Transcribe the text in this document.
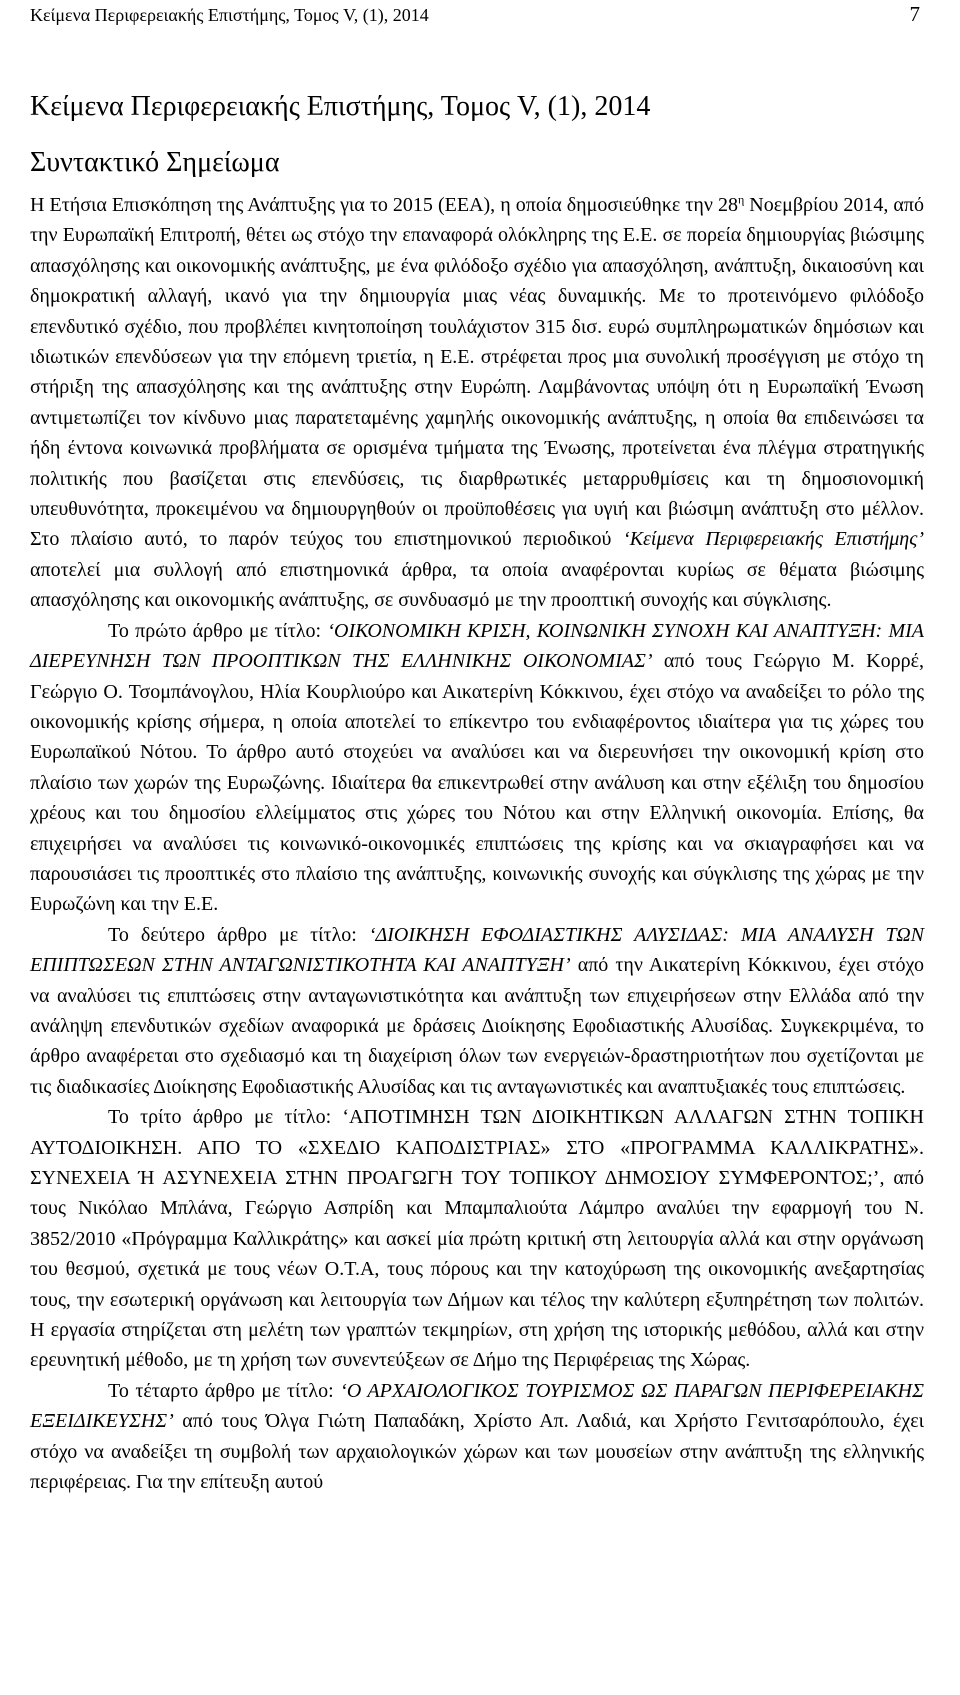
Κείμενα Περιφερειακής Επιστήμης, Τομος V, (1), 2014	7
Κείμενα Περιφερειακής Επιστήμης, Τομος V, (1), 2014
Συντακτικό Σημείωμα

Η Ετήσια Επισκόπηση της Ανάπτυξης για το 2015 (ΕΕΑ), η οποία δημοσιεύθηκε την $28^\eta$ Νοεμβρίου 2014, από την Ευρωπαϊκή Επιτροπή, θέτει ως στόχο την επαναφορά ολόκληρης της Ε.Ε. σε πορεία δημιουργίας βιώσιμης απασχόλησης και οικονομικής ανάπτυξης, με ένα φιλόδοξο σχέδιο για απασχόληση, ανάπτυξη, δικαιοσύνη και δημοκρατική αλλαγή, ικανό για την δημιουργία μιας νέας δυναμικής. Με το προτεινόμενο φιλόδοξο επενδυτικό σχέδιο, που προβλέπει κινητοποίηση τουλάχιστον 315 δισ. ευρώ συμπληρωματικών δημόσιων και ιδιωτικών επενδύσεων για την επόμενη τριετία, η Ε.Ε. στρέφεται προς μια συνολική προσέγγιση με στόχο τη στήριξη της απασχόλησης και της ανάπτυξης στην Ευρώπη. Λαμβάνοντας υπόψη ότι η Ευρωπαϊκή Ένωση αντιμετωπίζει τον κίνδυνο μιας παρατεταμένης χαμηλής οικονομικής ανάπτυξης, η οποία θα επιδεινώσει τα ήδη έντονα κοινωνικά προβλήματα σε ορισμένα τμήματα της Ένωσης, προτείνεται ένα πλέγμα στρατηγικής πολιτικής που βασίζεται στις επενδύσεις, τις διαρθρωτικές μεταρρυθμίσεις και τη δημοσιονομική υπευθυνότητα, προκειμένου να δημιουργηθούν οι προϋποθέσεις για υγιή και βιώσιμη ανάπτυξη στο μέλλον. Στο πλαίσιο αυτό, το παρόν τεύχος του επιστημονικού περιοδικού ‘Κείμενα Περιφερειακής Επιστήμης’ αποτελεί μια συλλογή από επιστημονικά άρθρα, τα οποία αναφέρονται κυρίως σε θέματα βιώσιμης απασχόλησης και οικονομικής ανάπτυξης, σε συνδυασμό με την προοπτική συνοχής και σύγκλισης.

Το πρώτο άρθρο με τίτλο: ‘ΟΙΚΟΝΟΜΙΚΗ ΚΡΙΣΗ, ΚΟΙΝΩΝΙΚΗ ΣΥΝΟΧΗ ΚΑΙ ΑΝΑΠΤΥΞΗ: ΜΙΑ ΔΙΕΡΕΥΝΗΣΗ ΤΩΝ ΠΡΟΟΠΤΙΚΩΝ ΤΗΣ ΕΛΛΗΝΙΚΗΣ ΟΙΚΟΝΟΜΙΑΣ’ από τους Γεώργιο Μ. Κορρέ, Γεώργιο Ο. Τσομπάνογλου, Ηλία Κουρλιούρο και Αικατερίνη Κόκκινου, έχει στόχο να αναδείξει το ρόλο της οικονομικής κρίσης σήμερα, η οποία αποτελεί το επίκεντρο του ενδιαφέροντος ιδιαίτερα για τις χώρες του Ευρωπαϊκού Νότου. Το άρθρο αυτό στοχεύει να αναλύσει και να διερευνήσει την οικονομική κρίση στο πλαίσιο των χωρών της Ευρωζώνης. Ιδιαίτερα θα επικεντρωθεί στην ανάλυση και στην εξέλιξη του δημοσίου χρέους και του δημοσίου ελλείμματος στις χώρες του Νότου και στην Ελληνική οικονομία. Επίσης, θα επιχειρήσει να αναλύσει τις κοινωνικό-οικονομικές επιπτώσεις της κρίσης και να σκιαγραφήσει και να παρουσιάσει τις προοπτικές στο πλαίσιο της ανάπτυξης, κοινωνικής συνοχής και σύγκλισης της χώρας με την Ευρωζώνη και την Ε.Ε.

Το δεύτερο άρθρο με τίτλο: ‘ΔΙΟΙΚΗΣΗ ΕΦΟΔΙΑΣΤΙΚΗΣ ΑΛΥΣΙΔΑΣ: ΜΙΑ ΑΝΑΛΥΣΗ ΤΩΝ ΕΠΙΠΤΩΣΕΩΝ ΣΤΗΝ ΑΝΤΑΓΩΝΙΣΤΙΚΟΤΗΤΑ ΚΑΙ ΑΝΑΠΤΥΞΗ’ από την Αικατερίνη Κόκκινου, έχει στόχο να αναλύσει τις επιπτώσεις στην ανταγωνιστικότητα και ανάπτυξη των επιχειρήσεων στην Ελλάδα από την ανάληψη επενδυτικών σχεδίων αναφορικά με δράσεις Διοίκησης Εφοδιαστικής Αλυσίδας. Συγκεκριμένα, το άρθρο αναφέρεται στο σχεδιασμό και τη διαχείριση όλων των ενεργειών-δραστηριοτήτων που σχετίζονται με τις διαδικασίες Διοίκησης Εφοδιαστικής Αλυσίδας και τις ανταγωνιστικές και αναπτυξιακές τους επιπτώσεις.

Το τρίτο άρθρο με τίτλο: ‘ΑΠΟΤΙΜΗΣΗ ΤΩΝ ΔΙΟΙΚΗΤΙΚΩΝ ΑΛΛΑΓΩΝ ΣΤΗΝ ΤΟΠΙΚΗ ΑΥΤΟΔΙΟΙΚΗΣΗ. ΑΠΟ ΤΟ «ΣΧΕΔΙΟ ΚΑΠΟΔΙΣΤΡΙΑΣ» ΣΤΟ «ΠΡΟΓΡΑΜΜΑ ΚΑΛΛΙΚΡΑΤΗΣ». ΣΥΝΕΧΕΙΑ Ή ΑΣΥΝΕΧΕΙΑ ΣΤΗΝ ΠΡΟΑΓΩΓΗ ΤΟΥ ΤΟΠΙΚΟΥ ΔΗΜΟΣΙΟΥ ΣΥΜΦΕΡΟΝΤΟΣ;’, από τους Νικόλαο Μπλάνα, Γεώργιο Ασπρίδη και Μπαμπαλιούτα Λάμπρο αναλύει την εφαρμογή του Ν. 3852/2010 «Πρόγραμμα Καλλικράτης» και ασκεί μία πρώτη κριτική στη λειτουργία αλλά και στην οργάνωση του θεσμού, σχετικά με τους νέων Ο.Τ.Α, τους πόρους και την κατοχύρωση της οικονομικής ανεξαρτησίας τους, την εσωτερική οργάνωση και λειτουργία των Δήμων και τέλος την καλύτερη εξυπηρέτηση των πολιτών. Η εργασία στηρίζεται στη μελέτη των γραπτών τεκμηρίων, στη χρήση της ιστορικής μεθόδου, αλλά και στην ερευνητική μέθοδο, με τη χρήση των συνεντεύξεων σε Δήμο της Περιφέρειας της Χώρας.

Το τέταρτο άρθρο με τίτλο: ‘Ο ΑΡΧΑΙΟΛΟΓΙΚΟΣ ΤΟΥΡΙΣΜΟΣ ΩΣ ΠΑΡΑΓΩΝ ΠΕΡΙΦΕΡΕΙΑΚΗΣ ΕΞΕΙΔΙΚΕΥΣΗΣ’ από τους Όλγα Γιώτη Παπαδάκη, Χρίστο Απ. Λαδιά, και Χρήστο Γενιτσαρόπουλο, έχει στόχο να αναδείξει τη συμβολή των αρχαιολογικών χώρων και των μουσείων στην ανάπτυξη της ελληνικής περιφέρειας. Για την επίτευξη αυτού
